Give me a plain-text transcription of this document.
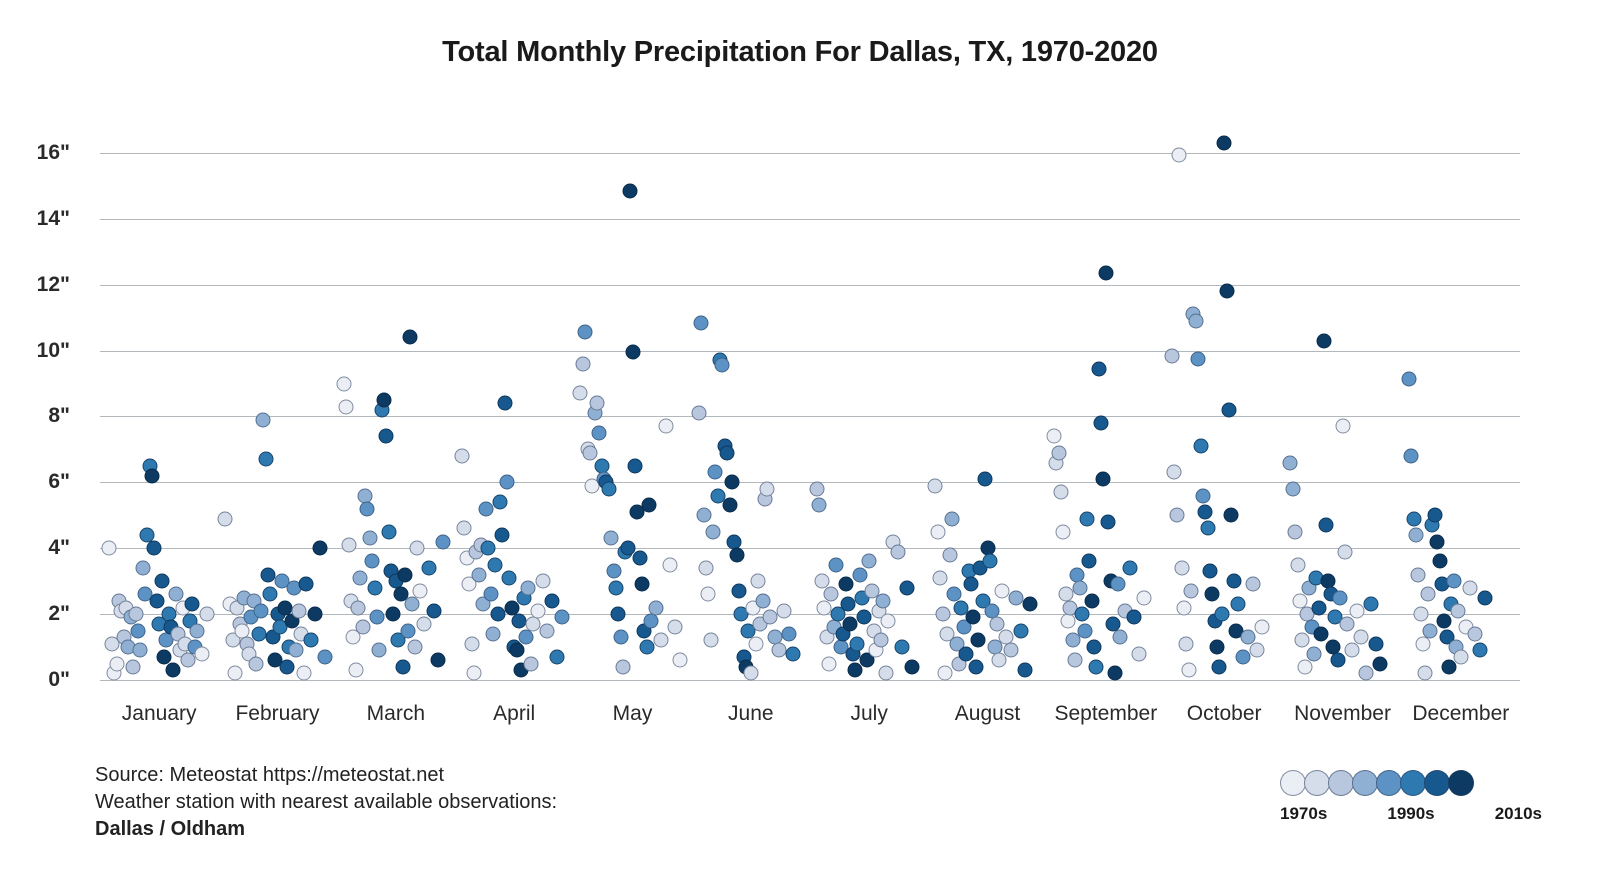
Total Monthly Precipitation For Dallas, TX, 1970-2020
0"
2"
4"
6"
8"
10"
12"
14"
16"
January February March	April	May	June	July	August September October November December
Source: Meteostat https://meteostat.net
Weather station with nearest available observations:
Dallas / Oldham
1970s	1990s	2010s
